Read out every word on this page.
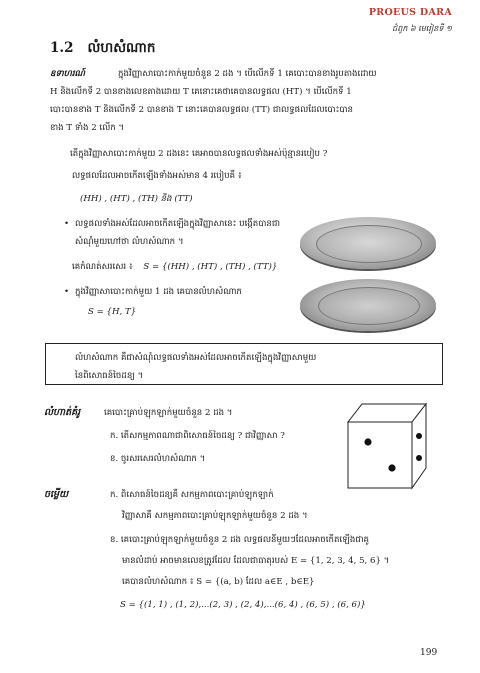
PROEUS DARA
ជំពូក ៦ មេរៀនទី ១
1.2 លំហសំណាក
ឧទាហរណ៍	ក្នុងវិញ្ញាសាបោះកាក់មួយចំនួន 2 ដង ។ បើលើកទី 1 គេបោះបានខាងរូបតាងដោយ
H និងលើកទី 2 បានខាងលេខតាងដោយ T គេនោះគេថាគេបានលទ្ធផល (HT) ។ បើលើកទី 1
បោះបានខាង T និងលើកទី 2 បានខាង T នោះគេបានលទ្ធផល (TT) ជាលទ្ធផលដែលបោះបាន
ខាង T ទាំង 2 លើក ។
តើក្នុងវិញ្ញាសាបោះកាក់មួយ 2 ដងនេះ គេអាចបានលទ្ធផលទាំងអស់ប៉ុន្មានរបៀប ?
លទ្ធផលដែលអាចកើតឡើងទាំងអស់មាន 4 របៀបគឺ ៖
(HH) , (HT) , (TH) និង (TT)
• លទ្ធផលទាំងអស់ដែលអាចកើតឡើងក្នុងវិញ្ញាសានេះ បង្កើតបានជា
សំណុំមួយហៅថា លំហសំណាក ។
គេកំណត់សរសេរ ៖ S = {(HH) , (HT) , (TH) , (TT)}
• ក្នុងវិញ្ញាសាបោះកាក់មួយ 1 ដង គេបានលំហសំណាក
S = {H, T}
លំហសំណាក គឺជាសំណុំលទ្ធផលទាំងអស់ដែលអាចកើតឡើងក្នុងវិញ្ញាសាមួយ
នៃពិសោធន៍ចៃដន្យ ។
លំហាត់គំរូ	គេបោះគ្រាប់ឡុកឡាក់មួយចំនួន 2 ដង ។
ក. តើសកម្មភាពណាជាពិសោធន៍ចៃដន្យ ? ជាវិញ្ញាសា ?
ខ. ចូរសរសេរលំហសំណាក ។
ចម្លើយ	ក. ពិសោធន៍ចៃដន្យគឺ សកម្មភាពបោះគ្រាប់ឡុកឡាក់
វិញ្ញាសាគឺ សកម្មភាពបោះគ្រាប់ឡុកឡាក់មួយចំនួន 2 ដង ។
ខ. គេបោះគ្រាប់ឡុកឡាក់មួយចំនួន 2 ដង លទ្ធផលនីមួយៗដែលអាចកើតឡើងជាគូ
មានលំដាប់ អាចមានលេខត្រូវដែល ដែលជាធាតុរបស់ E = {1, 2, 3, 4, 5, 6} ។
គេបានលំហសំណាក ៖ S = {(a, b) ដែល a∈E , b∈E}
S = {(1, 1) , (1, 2),...(2, 3) , (2, 4),...(6, 4) , (6, 5) , (6, 6)}
199
